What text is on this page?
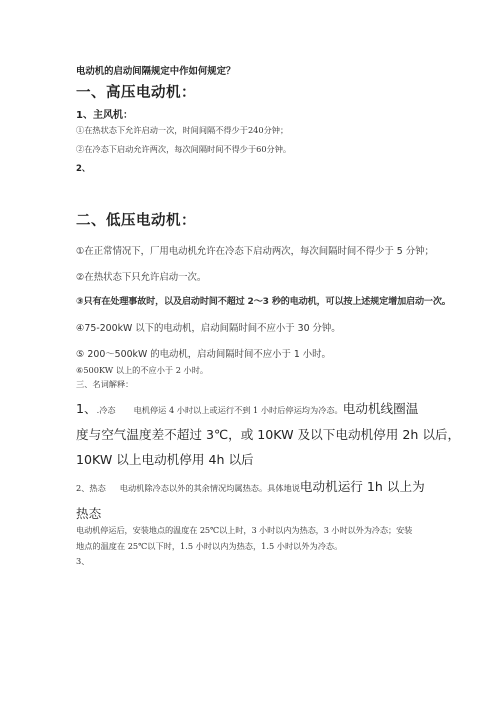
电动机的启动间隔规定中作如何规定？
一、高压电动机：
1、主风机：
①在热状态下允许启动一次，时间间隔不得少于240分钟；
②在冷态下启动允许两次，每次间隔时间不得少于60分钟。
2、
二、低压电动机：
①在正常情况下，厂用电动机允许在冷态下启动两次，每次间隔时间不得少于 5 分钟；
②在热状态下只允许启动一次。
③只有在处理事故时，以及启动时间不超过 2～3 秒的电动机，可以按上述规定增加启动一次。
④75-200kW 以下的电动机，启动间隔时间不应小于 30 分钟。
⑤ 200～500kW 的电动机，启动间隔时间不应小于 1 小时。
⑥500KW 以上的不应小于 2 小时。
三、名词解释：
1、.冷态 电机停运 4 小时以上或运行不到 1 小时后停运均为冷态。电动机线圈温
度与空气温度差不超过 3℃，或 10KW 及以下电动机停用 2h 以后，
10KW 以上电动机停用 4h 以后
2、热态 电动机除冷态以外的其余情况均属热态。具体地说电动机运行 1h 以上为
热态
电动机停运后，安装地点的温度在 25℃以上时，3 小时以内为热态，3 小时以外为冷态；安装
地点的温度在 25℃以下时，1.5 小时以内为热态，1.5 小时以外为冷态。
3、
